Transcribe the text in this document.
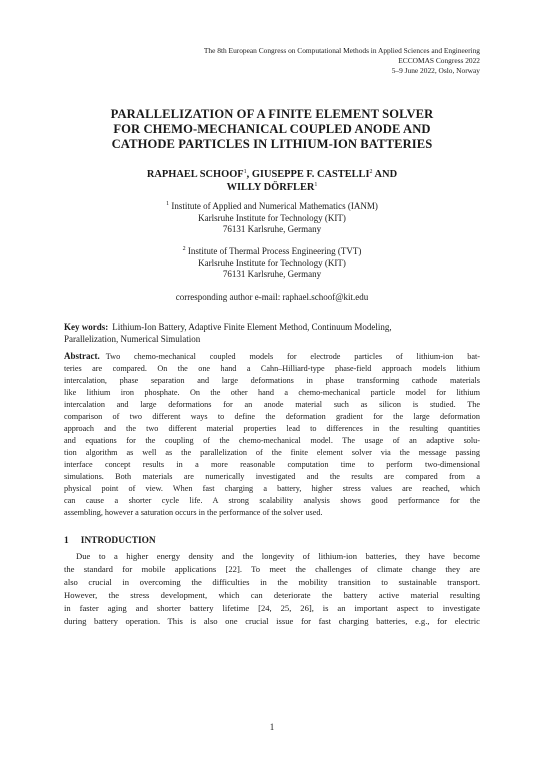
The 8th European Congress on Computational Methods in Applied Sciences and Engineering
ECCOMAS Congress 2022
5–9 June 2022, Oslo, Norway
PARALLELIZATION OF A FINITE ELEMENT SOLVER
FOR CHEMO-MECHANICAL COUPLED ANODE AND
CATHODE PARTICLES IN LITHIUM-ION BATTERIES
RAPHAEL SCHOOF$^1$, GIUSEPPE F. CASTELLI$^2$ AND
WILLY DÖRFLER$^1$
$^1$ Institute of Applied and Numerical Mathematics (IANM)
Karlsruhe Institute for Technology (KIT)
76131 Karlsruhe, Germany
$^2$ Institute of Thermal Process Engineering (TVT)
Karlsruhe Institute for Technology (KIT)
76131 Karlsruhe, Germany
corresponding author e-mail: raphael.schoof@kit.edu
Key words: Lithium-Ion Battery, Adaptive Finite Element Method, Continuum Modeling,
Parallelization, Numerical Simulation
Abstract. Two chemo-mechanical coupled models for electrode particles of lithium-ion bat-
teries are compared. On the one hand a Cahn–Hilliard-type phase-field approach models lithium
intercalation, phase separation and large deformations in phase transforming cathode materials
like lithium iron phosphate. On the other hand a chemo-mechanical particle model for lithium
intercalation and large deformations for an anode material such as silicon is studied. The
comparison of two different ways to define the deformation gradient for the large deformation
approach and the two different material properties lead to differences in the resulting quantities
and equations for the coupling of the chemo-mechanical model. The usage of an adaptive solu-
tion algorithm as well as the parallelization of the finite element solver via the message passing
interface concept results in a more reasonable computation time to perform two-dimensional
simulations. Both materials are numerically investigated and the results are compared from a
physical point of view. When fast charging a battery, higher stress values are reached, which
can cause a shorter cycle life. A strong scalability analysis shows good performance for the
assembling, however a saturation occurs in the performance of the solver used.
1 INTRODUCTION
Due to a higher energy density and the longevity of lithium-ion batteries, they have become
the standard for mobile applications [22]. To meet the challenges of climate change they are
also crucial in overcoming the difficulties in the mobility transition to sustainable transport.
However, the stress development, which can deteriorate the battery active material resulting
in faster aging and shorter battery lifetime [24, 25, 26], is an important aspect to investigate
during battery operation. This is also one crucial issue for fast charging batteries, e.g., for electric
1
